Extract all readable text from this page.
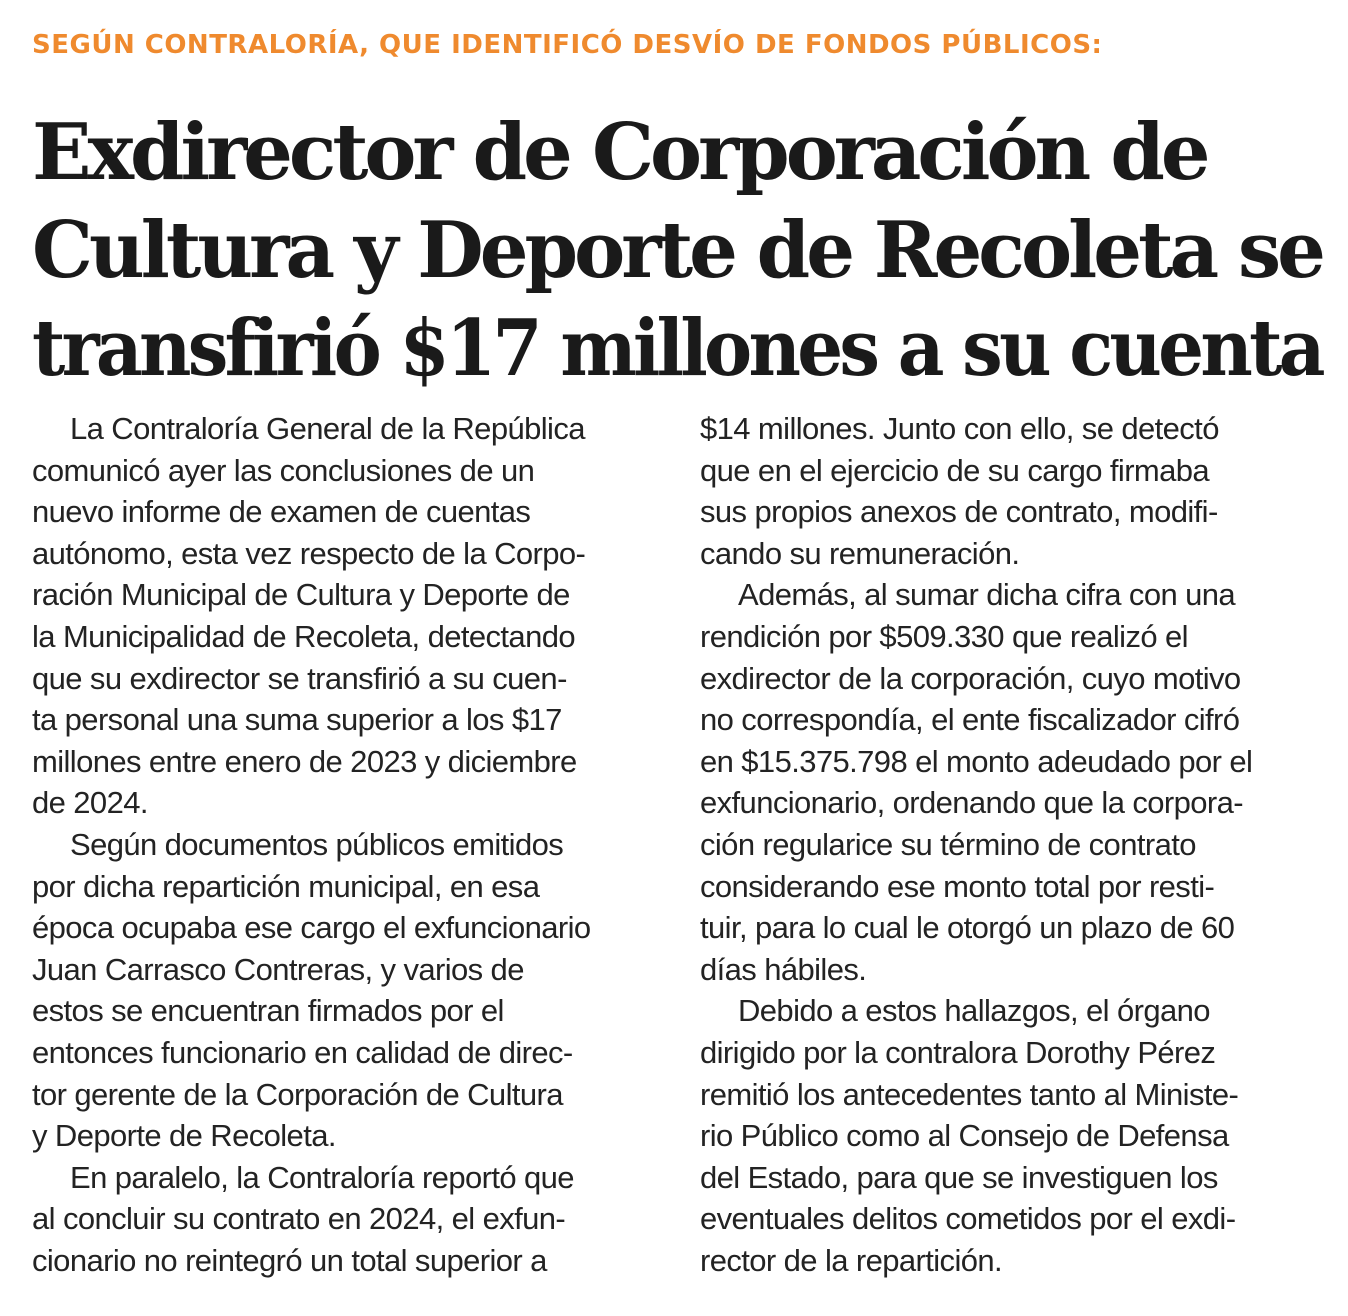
SEGÚN CONTRALORÍA, QUE IDENTIFICÓ DESVÍO DE FONDOS PÚBLICOS:
Exdirector de Corporación de
Cultura y Deporte de Recoleta se
transfirió $17 millones a su cuenta
La Contraloría General de la República
comunicó ayer las conclusiones de un
nuevo informe de examen de cuentas
autónomo, esta vez respecto de la Corpo-
ración Municipal de Cultura y Deporte de
la Municipalidad de Recoleta, detectando
que su exdirector se transfirió a su cuen-
ta personal una suma superior a los $17
millones entre enero de 2023 y diciembre
de 2024.
Según documentos públicos emitidos
por dicha repartición municipal, en esa
época ocupaba ese cargo el exfuncionario
Juan Carrasco Contreras, y varios de
estos se encuentran firmados por el
entonces funcionario en calidad de direc-
tor gerente de la Corporación de Cultura
y Deporte de Recoleta.
En paralelo, la Contraloría reportó que
al concluir su contrato en 2024, el exfun-
cionario no reintegró un total superior a
$14 millones. Junto con ello, se detectó
que en el ejercicio de su cargo firmaba
sus propios anexos de contrato, modifi-
cando su remuneración.
Además, al sumar dicha cifra con una
rendición por $509.330 que realizó el
exdirector de la corporación, cuyo motivo
no correspondía, el ente fiscalizador cifró
en $15.375.798 el monto adeudado por el
exfuncionario, ordenando que la corpora-
ción regularice su término de contrato
considerando ese monto total por resti-
tuir, para lo cual le otorgó un plazo de 60
días hábiles.
Debido a estos hallazgos, el órgano
dirigido por la contralora Dorothy Pérez
remitió los antecedentes tanto al Ministe-
rio Público como al Consejo de Defensa
del Estado, para que se investiguen los
eventuales delitos cometidos por el exdi-
rector de la repartición.
